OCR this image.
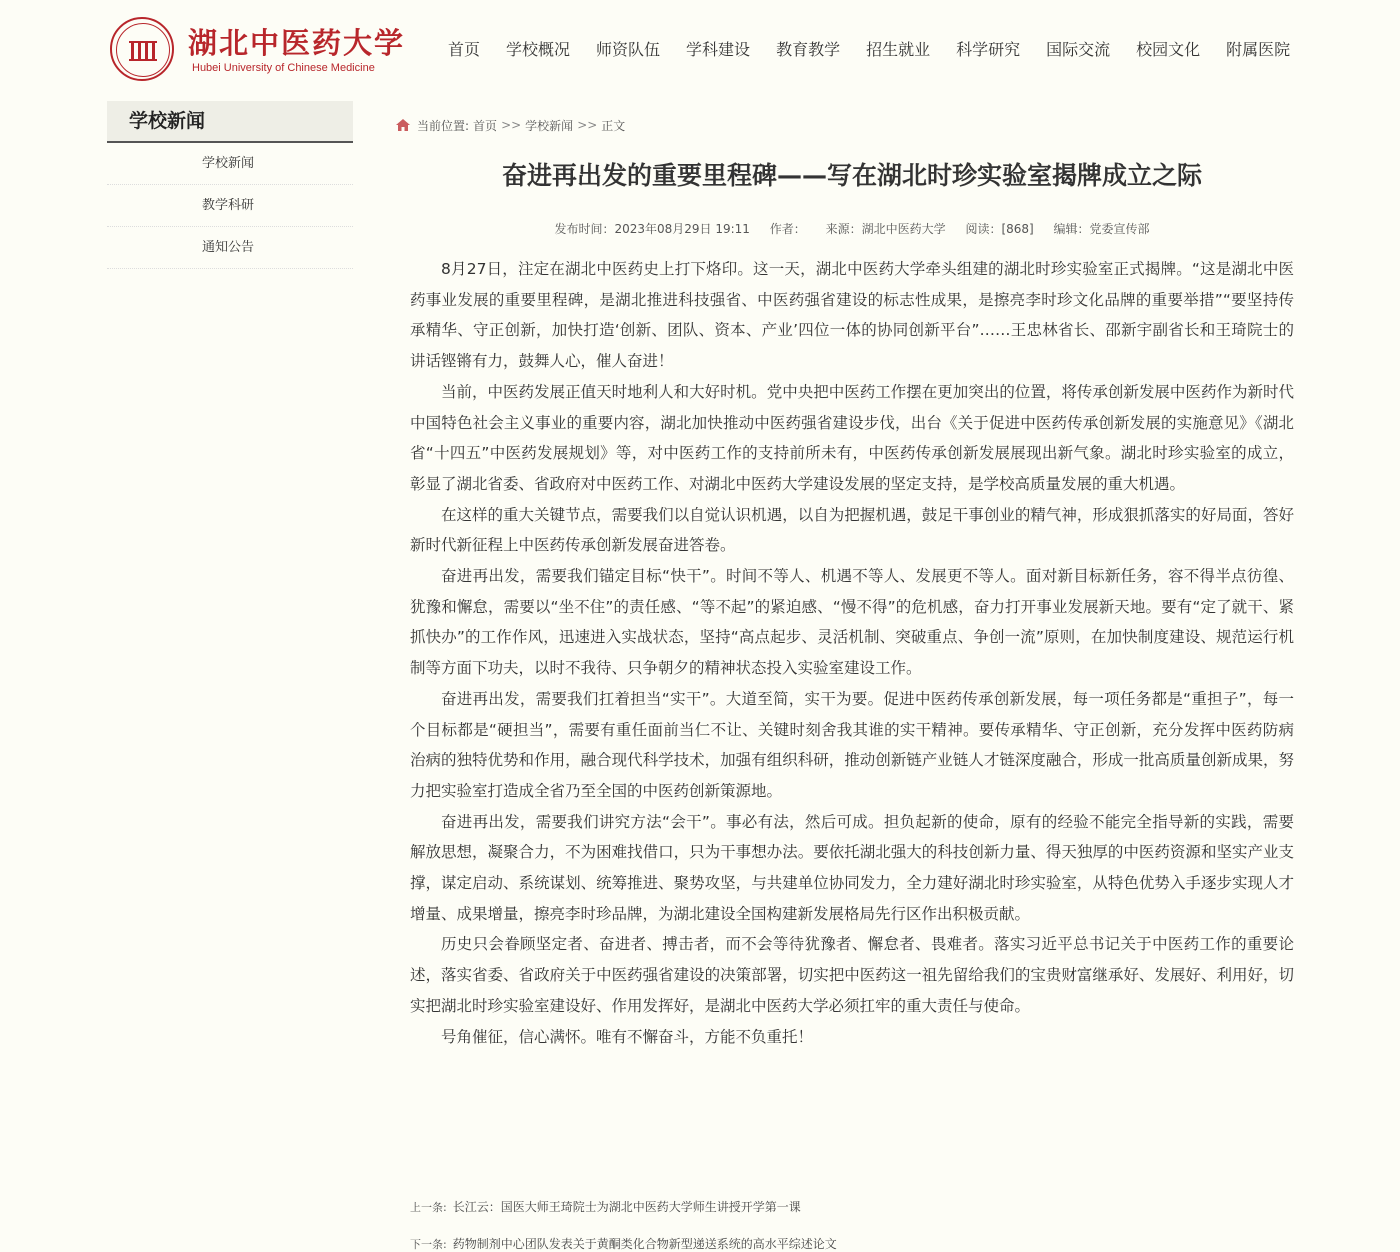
湖北中医药大学
Hubei University of Chinese Medicine
首页 学校概况 师资队伍 学科建设 教育教学 招生就业 科学研究 国际交流 校园文化 附属医院
学校新闻
学校新闻
教学科研
通知公告
当前位置: 首页 >> 学校新闻 >> 正文
奋进再出发的重要里程碑——写在湖北时珍实验室揭牌成立之际
发布时间：2023年08月29日 19:11 作者： 来源：湖北中医药大学 阅读：[868] 编辑：党委宣传部

8月27日，注定在湖北中医药史上打下烙印。这一天，湖北中医药大学牵头组建的湖北时珍实验室正式揭牌。“这是湖北中医药事业发展的重要里程碑，是湖北推进科技强省、中医药强省建设的标志性成果，是擦亮李时珍文化品牌的重要举措”“要坚持传承精华、守正创新，加快打造‘创新、团队、资本、产业’四位一体的协同创新平台”……王忠林省长、邵新宇副省长和王琦院士的讲话铿锵有力，鼓舞人心，催人奋进！

当前，中医药发展正值天时地利人和大好时机。党中央把中医药工作摆在更加突出的位置，将传承创新发展中医药作为新时代中国特色社会主义事业的重要内容，湖北加快推动中医药强省建设步伐，出台《关于促进中医药传承创新发展的实施意见》《湖北省“十四五”中医药发展规划》等，对中医药工作的支持前所未有，中医药传承创新发展展现出新气象。湖北时珍实验室的成立，彰显了湖北省委、省政府对中医药工作、对湖北中医药大学建设发展的坚定支持，是学校高质量发展的重大机遇。

在这样的重大关键节点，需要我们以自觉认识机遇，以自为把握机遇，鼓足干事创业的精气神，形成狠抓落实的好局面，答好新时代新征程上中医药传承创新发展奋进答卷。

奋进再出发，需要我们锚定目标“快干”。时间不等人、机遇不等人、发展更不等人。面对新目标新任务，容不得半点彷徨、犹豫和懈怠，需要以“坐不住”的责任感、“等不起”的紧迫感、“慢不得”的危机感，奋力打开事业发展新天地。要有“定了就干、紧抓快办”的工作作风，迅速进入实战状态，坚持“高点起步、灵活机制、突破重点、争创一流”原则，在加快制度建设、规范运行机制等方面下功夫，以时不我待、只争朝夕的精神状态投入实验室建设工作。

奋进再出发，需要我们扛着担当“实干”。大道至简，实干为要。促进中医药传承创新发展，每一项任务都是“重担子”，每一个目标都是“硬担当”，需要有重任面前当仁不让、关键时刻舍我其谁的实干精神。要传承精华、守正创新，充分发挥中医药防病治病的独特优势和作用，融合现代科学技术，加强有组织科研，推动创新链产业链人才链深度融合，形成一批高质量创新成果，努力把实验室打造成全省乃至全国的中医药创新策源地。

奋进再出发，需要我们讲究方法“会干”。事必有法，然后可成。担负起新的使命，原有的经验不能完全指导新的实践，需要解放思想，凝聚合力，不为困难找借口，只为干事想办法。要依托湖北强大的科技创新力量、得天独厚的中医药资源和坚实产业支撑，谋定启动、系统谋划、统筹推进、聚势攻坚，与共建单位协同发力，全力建好湖北时珍实验室，从特色优势入手逐步实现人才增量、成果增量，擦亮李时珍品牌，为湖北建设全国构建新发展格局先行区作出积极贡献。

历史只会眷顾坚定者、奋进者、搏击者，而不会等待犹豫者、懈怠者、畏难者。落实习近平总书记关于中医药工作的重要论述，落实省委、省政府关于中医药强省建设的决策部署，切实把中医药这一祖先留给我们的宝贵财富继承好、发展好、利用好，切实把湖北时珍实验室建设好、作用发挥好，是湖北中医药大学必须扛牢的重大责任与使命。

号角催征，信心满怀。唯有不懈奋斗，方能不负重托！

上一条: 长江云：国医大师王琦院士为湖北中医药大学师生讲授开学第一课
下一条: 药物制剂中心团队发表关于黄酮类化合物新型递送系统的高水平综述论文
